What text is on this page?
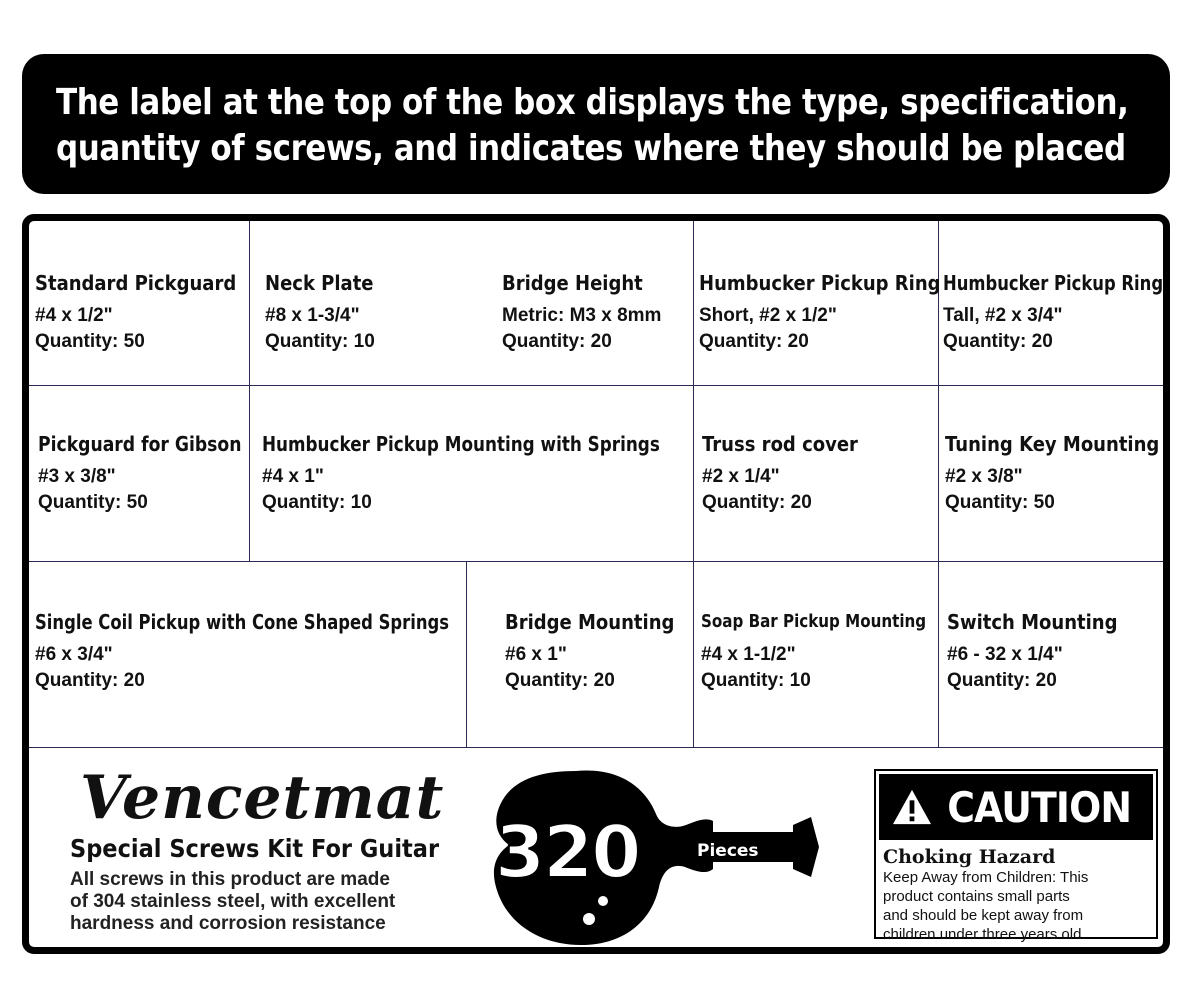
The label at the top of the box displays the type, specification,
quantity of screws, and indicates where they should be placed
Standard Pickguard
#4 x 1/2"
Quantity: 50
Neck Plate
#8 x 1-3/4"
Quantity: 10
Bridge Height
Metric: M3 x 8mm
Quantity: 20
Humbucker Pickup Ring
Short, #2 x 1/2"
Quantity: 20
Humbucker Pickup Ring
Tall, #2 x 3/4"
Quantity: 20
Pickguard for Gibson
#3 x 3/8"
Quantity: 50
Humbucker Pickup Mounting with Springs
#4 x 1"
Quantity: 10
Truss rod cover
#2 x 1/4"
Quantity: 20
Tuning Key Mounting
#2 x 3/8"
Quantity: 50
Single Coil Pickup with Cone Shaped Springs
#6 x 3/4"
Quantity: 20
Bridge Mounting
#6 x 1"
Quantity: 20
Soap Bar Pickup Mounting
#4 x 1-1/2"
Quantity: 10
Switch Mounting
#6 - 32 x 1/4"
Quantity: 20
Vencetmat
Special Screws Kit For Guitar
All screws in this product are made
of 304 stainless steel, with excellent
hardness and corrosion resistance
320	Pieces
CAUTION
Choking Hazard
Keep Away from Children: This
product contains small parts
and should be kept away from
children under three years old.
